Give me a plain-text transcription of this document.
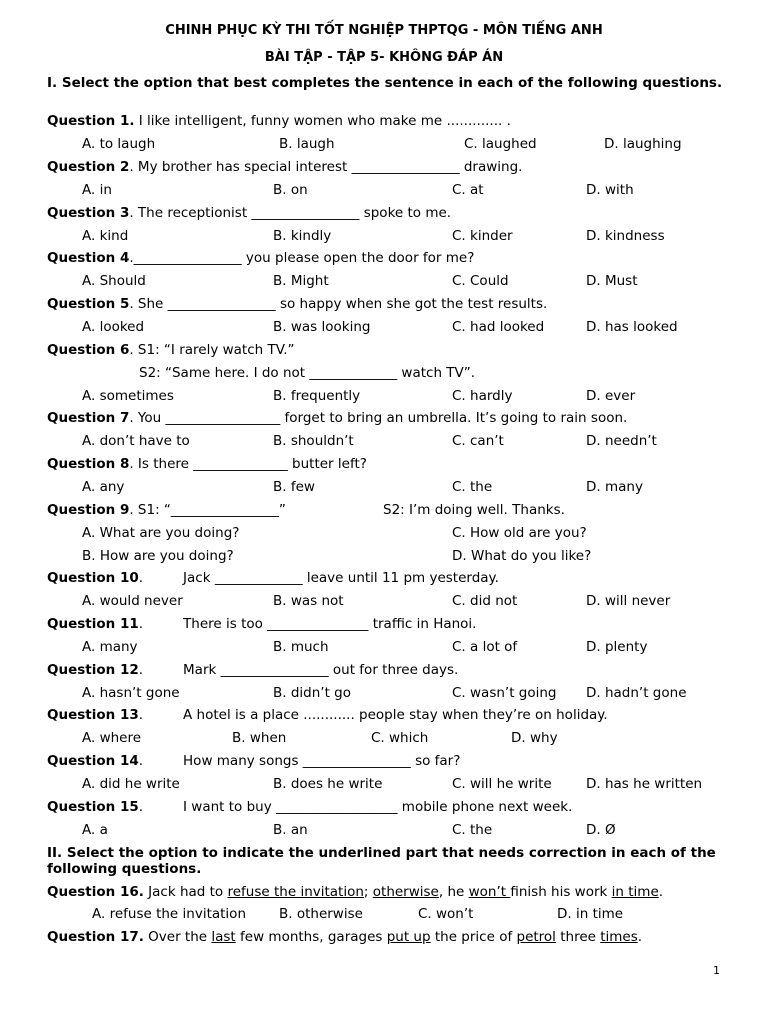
CHINH PHỤC KỲ THI TỐT NGHIỆP THPTQG - MÔN TIẾNG ANH
BÀI TẬP - TẬP 5- KHÔNG ĐÁP ÁN
I. Select the option that best completes the sentence in each of the following questions.
Question 1. I like intelligent, funny women who make me ............. .
A. to laugh	B. laugh	C. laughed	D. laughing
Question 2. My brother has special interest ________________ drawing.
A. in	B. on	C. at	D. with
Question 3. The receptionist ________________ spoke to me.
A. kind	B. kindly	C. kinder	D. kindness
Question 4.________________ you please open the door for me?
A. Should	B. Might	C. Could	D. Must
Question 5. She ________________ so happy when she got the test results.
A. looked	B. was looking	C. had looked	D. has looked
Question 6. S1: “I rarely watch TV.”
S2: “Same here. I do not _____________ watch TV”.
A. sometimes	B. frequently	C. hardly	D. ever
Question 7. You _________________ forget to bring an umbrella. It’s going to rain soon.
A. don’t have to	B. shouldn’t	C. can’t	D. needn’t
Question 8. Is there ______________ butter left?
A. any	B. few	C. the	D. many
Question 9. S1: “________________”	S2: I’m doing well. Thanks.
A. What are you doing?	C. How old are you?
B. How are you doing?	D. What do you like?
Question 10.	Jack _____________ leave until 11 pm yesterday.
A. would never	B. was not	C. did not	D. will never
Question 11.	There is too _______________ traffic in Hanoi.
A. many	B. much	C. a lot of	D. plenty
Question 12.	Mark ________________ out for three days.
A. hasn’t gone	B. didn’t go	C. wasn’t going D. hadn’t gone
Question 13.	A hotel is a place ............ people stay when they’re on holiday.
A. where	B. when	C. which	D. why
Question 14.	How many songs ________________ so far?
A. did he write	B. does he write	C. will he write	D. has he written
Question 15.	I want to buy __________________ mobile phone next week.
A. a	B. an	C. the	D. Ø
II. Select the option to indicate the underlined part that needs correction in each of the following questions.
Question 16. Jack had to refuse the invitation; otherwise, he won’t finish his work in time.
A. refuse the invitation B. otherwise	C. won’t	D. in time
Question 17. Over the last few months, garages put up the price of petrol three times.
1
